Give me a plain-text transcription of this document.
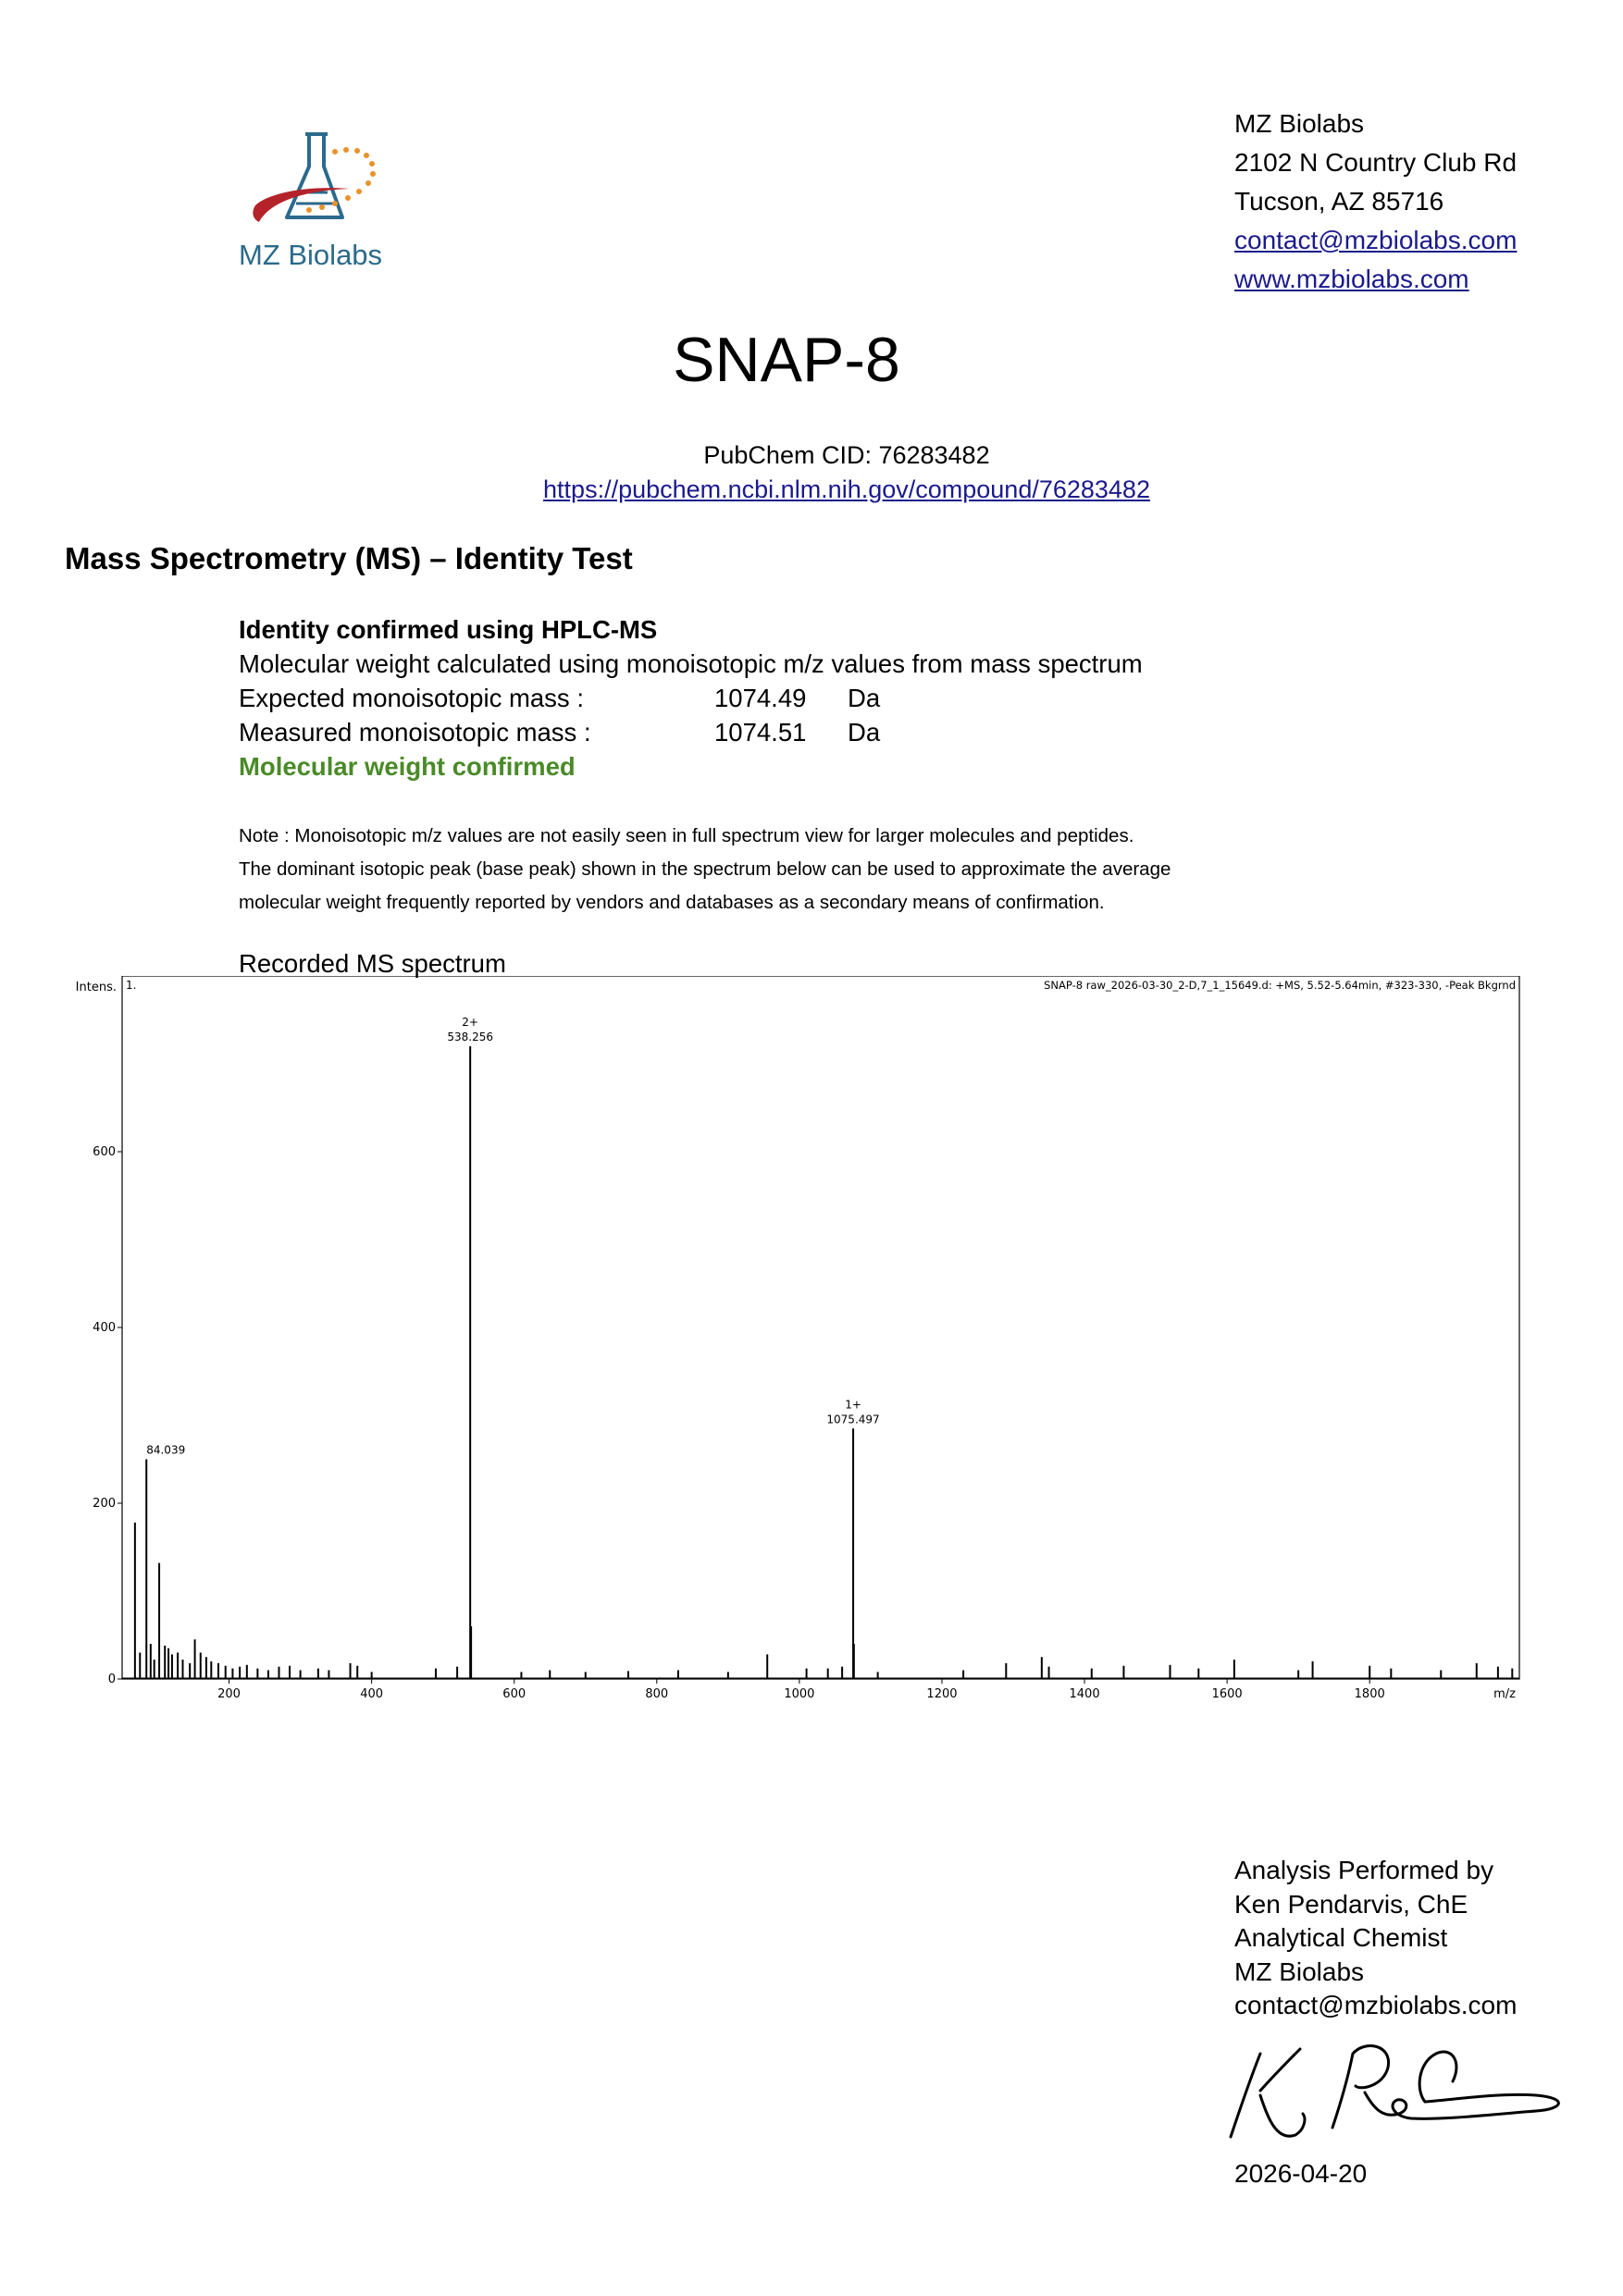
MZ Biolabs
MZ Biolabs
2102 N Country Club Rd
Tucson, AZ 85716
contact@mzbiolabs.com
www.mzbiolabs.com
SNAP-8
PubChem CID: 76283482
https://pubchem.ncbi.nlm.nih.gov/compound/76283482
Mass Spectrometry (MS) – Identity Test
Identity confirmed using HPLC-MS
Molecular weight calculated using monoisotopic m/z values from mass spectrum
Expected monoisotopic mass :	1074.49 Da
Measured monoisotopic mass :	1074.51 Da
Molecular weight confirmed
Note : Monoisotopic m/z values are not easily seen in full spectrum view for larger molecules and peptides.
The dominant isotopic peak (base peak) shown in the spectrum below can be used to approximate the average
molecular weight frequently reported by vendors and databases as a secondary means of confirmation.
Recorded MS spectrum
Intens. 1.	SNAP-8 raw_2026-03-30_2-D,7_1_15649.d: +MS, 5.52-5.64min, #323-330, -Peak Bkgrnd
m/z
0
200
400
600
200	400	600	800	1000	1200	1400	1600	1800
84.039
538.256
2+
1075.497
1+
Analysis Performed by
Ken Pendarvis, ChE
Analytical Chemist
MZ Biolabs
contact@mzbiolabs.com
2026-04-20
